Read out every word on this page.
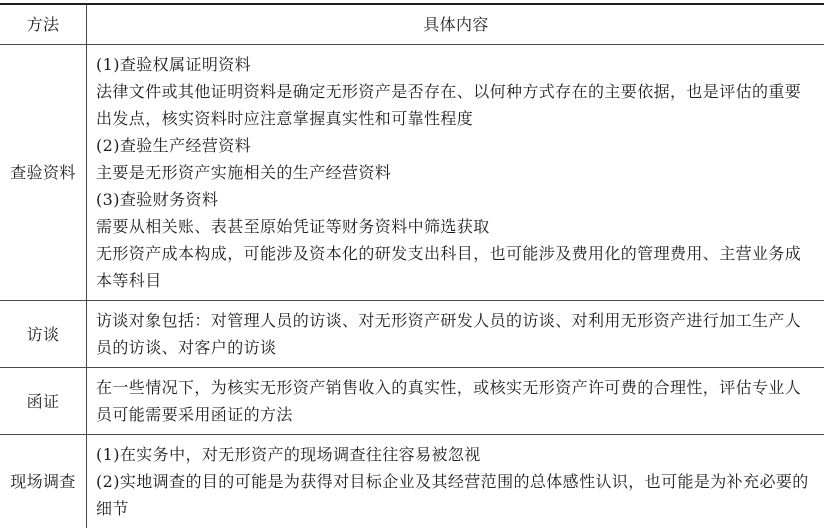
方法	具体内容

查验资料

(1)查验权属证明资料

法律文件或其他证明资料是确定无形资产是否存在、以何种方式存在的主要依据，也是评估的重要出发点，核实资料时应注意掌握真实性和可靠性程度

(2)查验生产经营资料

主要是无形资产实施相关的生产经营资料

(3)查验财务资料

需要从相关账、表甚至原始凭证等财务资料中筛选获取

无形资产成本构成，可能涉及资本化的研发支出科目，也可能涉及费用化的管理费用、主营业务成本等科目

访谈

访谈对象包括：对管理人员的访谈、对无形资产研发人员的访谈、对利用无形资产进行加工生产人员的访谈、对客户的访谈

函证

在一些情况下，为核实无形资产销售收入的真实性，或核实无形资产许可费的合理性，评估专业人员可能需要采用函证的方法

现场调查

(1)在实务中，对无形资产的现场调查往往容易被忽视

(2)实地调查的目的可能是为获得对目标企业及其经营范围的总体感性认识，也可能是为补充必要的细节
